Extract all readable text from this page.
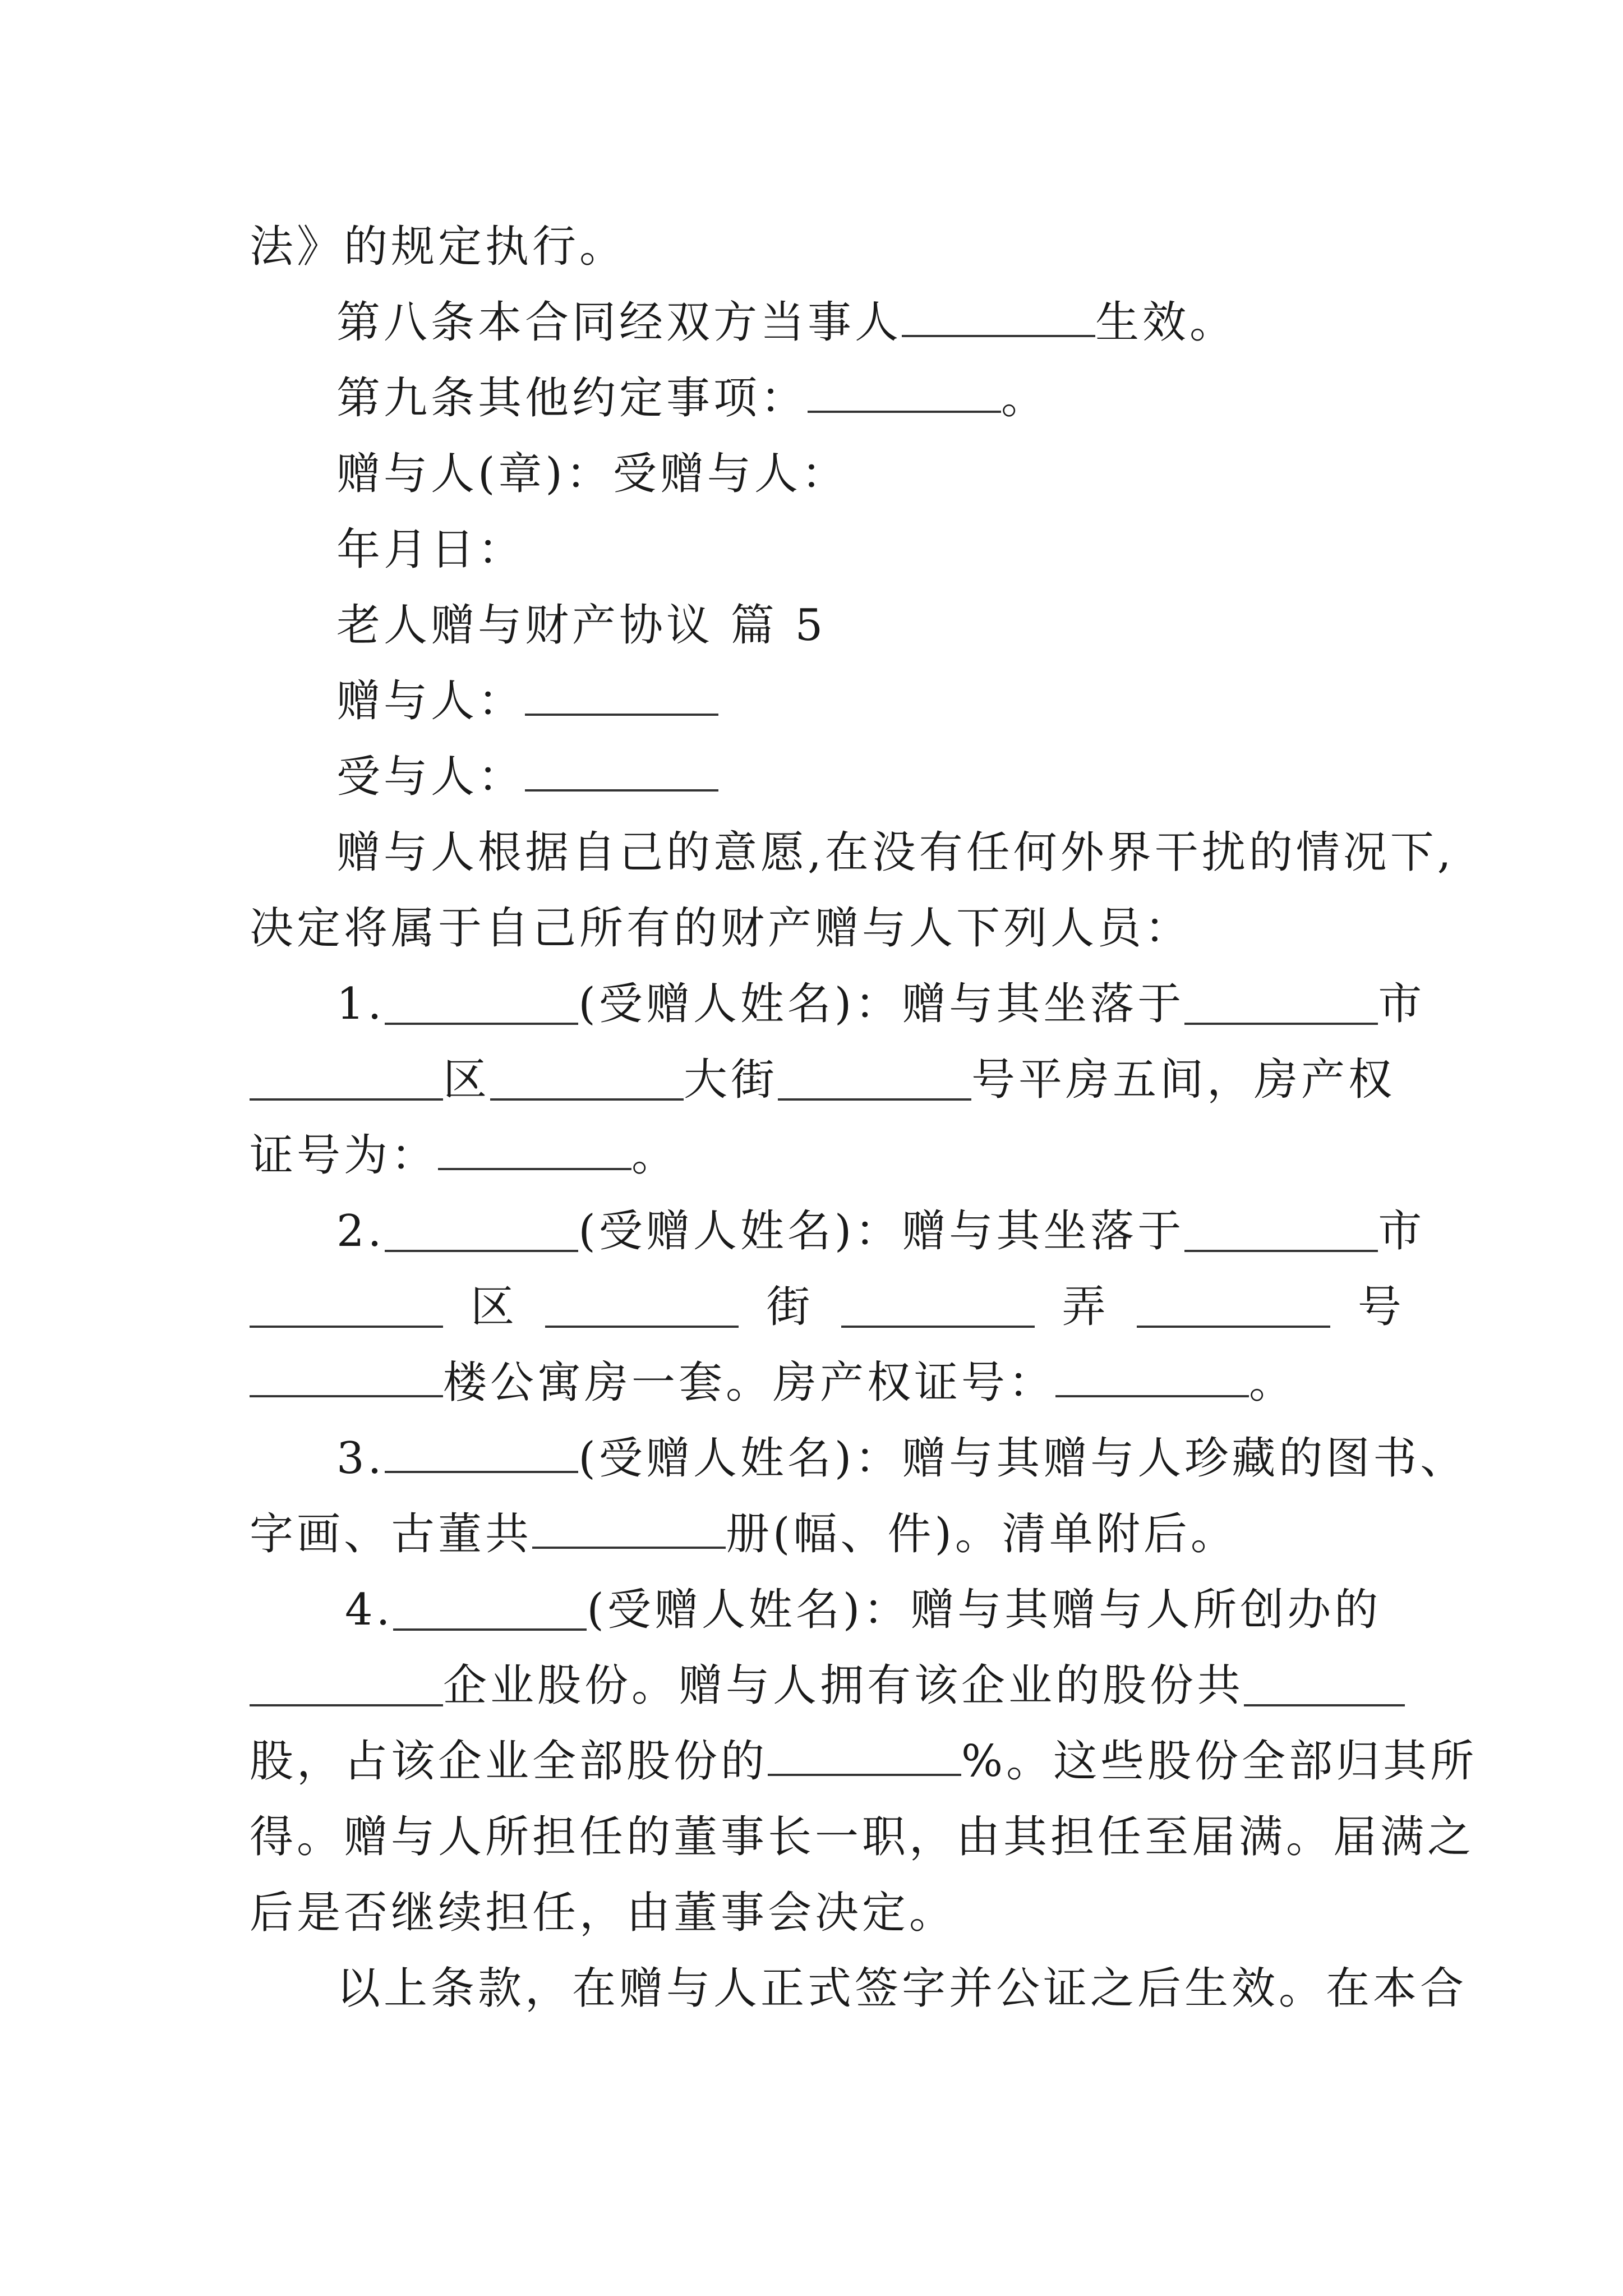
法》的规定执行。
第八条本合同经双方当事人	生效。
第九条其他约定事项：	。
赠与人(章)：受赠与人：
年月日：
老人赠与财产协议 篇 5
赠与人：
受与人：
赠与人根据自己的意愿,在没有任何外界干扰的情况下,
决定将属于自己所有的财产赠与人下列人员：
1.	(受赠人姓名)：赠与其坐落于	市
区	大街	号平房五间，房产权
证号为：	。
2.	(受赠人姓名)：赠与其坐落于	市
区	街	弄	号
楼公寓房一套。房产权证号：	。
3.	(受赠人姓名)：赠与其赠与人珍藏的图书、
字画、古董共	册(幅、件)。清单附后。
4.	(受赠人姓名)：赠与其赠与人所创办的
企业股份。赠与人拥有该企业的股份共
股，占该企业全部股份的	%。这些股份全部归其所
得。赠与人所担任的董事长一职，由其担任至届满。届满之
后是否继续担任，由董事会决定。
以上条款，在赠与人正式签字并公证之后生效。在本合
